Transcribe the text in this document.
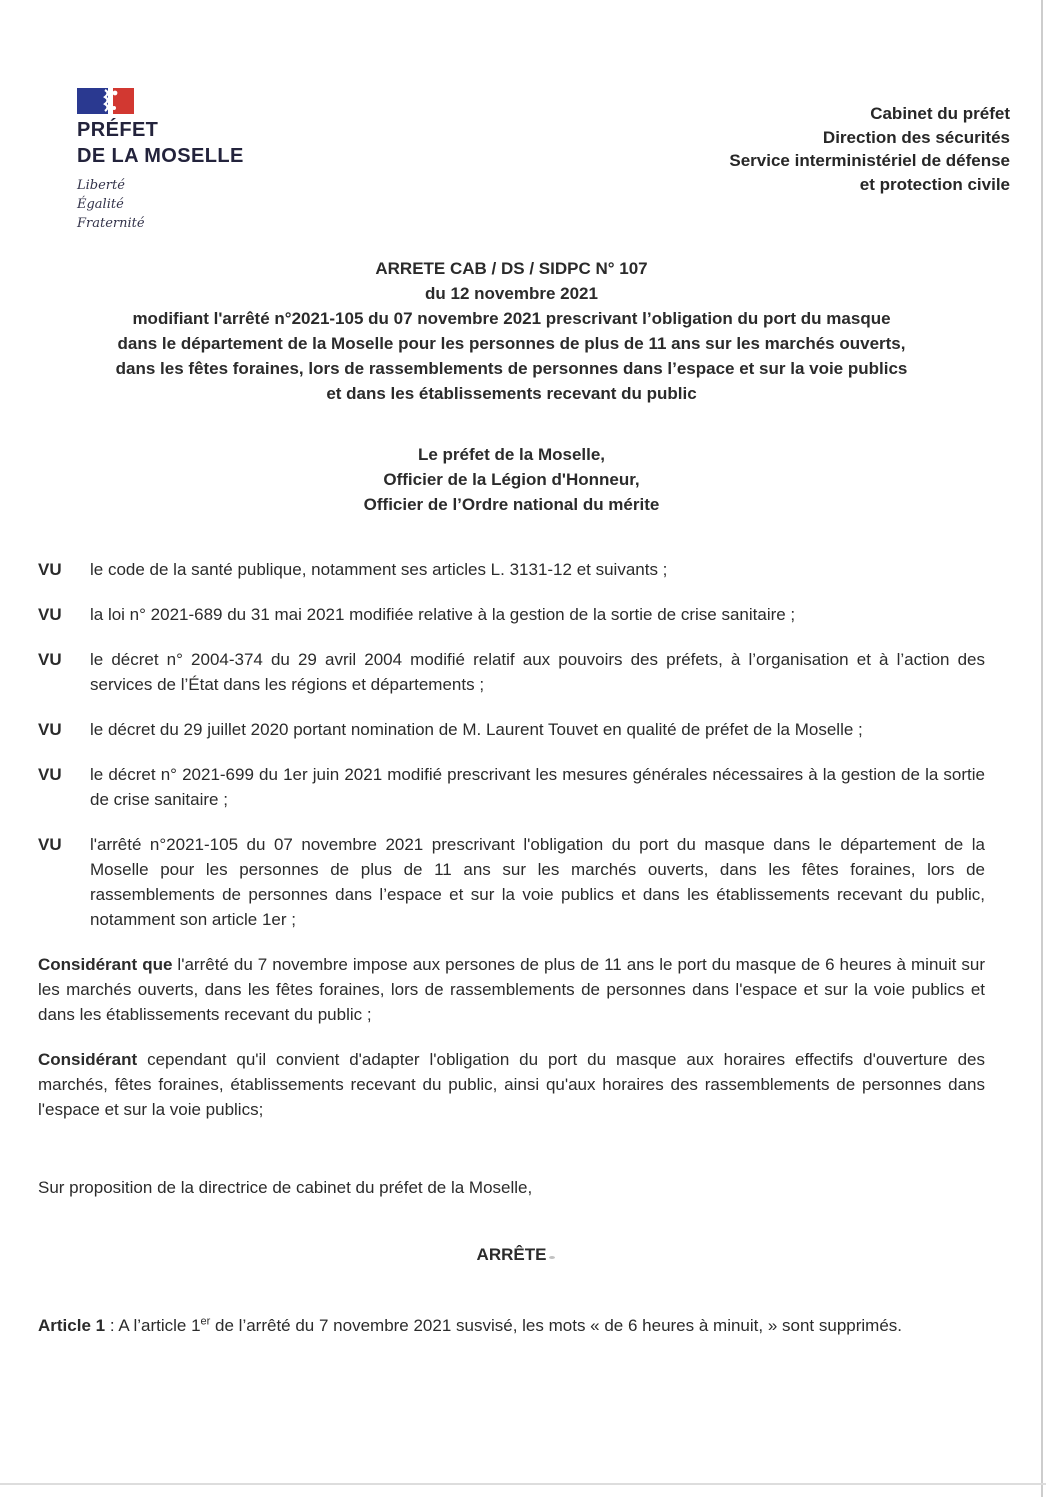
PRÉFET
DE LA MOSELLE
Liberté
Égalité
Fraternité
Cabinet du préfet
Direction des sécurités
Service interministériel de défense
et protection civile
ARRETE CAB / DS / SIDPC N° 107
du 12 novembre 2021
modifiant l'arrêté n°2021-105 du 07 novembre 2021 prescrivant l’obligation du port du masque
dans le département de la Moselle pour les personnes de plus de 11 ans sur les marchés ouverts,
dans les fêtes foraines, lors de rassemblements de personnes dans l’espace et sur la voie publics
et dans les établissements recevant du public
Le préfet de la Moselle,
Officier de la Légion d'Honneur,
Officier de l’Ordre national du mérite
VU	le code de la santé publique, notamment ses articles L. 3131-12 et suivants ;
VU	la loi n° 2021-689 du 31 mai 2021 modifiée relative à la gestion de la sortie de crise sanitaire ;
VU	le décret n° 2004-374 du 29 avril 2004 modifié relatif aux pouvoirs des préfets, à l’organisation et à l’action des services de l’État dans les régions et départements ;
VU	le décret du 29 juillet 2020 portant nomination de M. Laurent Touvet en qualité de préfet de la Moselle ;
VU	le décret n° 2021-699 du 1er juin 2021 modifié prescrivant les mesures générales nécessaires à la gestion de la sortie de crise sanitaire ;
VU	l'arrêté n°2021-105 du 07 novembre 2021 prescrivant l'obligation du port du masque dans le département de la Moselle pour les personnes de plus de 11 ans sur les marchés ouverts, dans les fêtes foraines, lors de rassemblements de personnes dans l’espace et sur la voie publics et dans les établissements recevant du public, notamment son article 1er ;

Considérant que l'arrêté du 7 novembre impose aux persones de plus de 11 ans le port du masque de 6 heures à minuit sur les marchés ouverts, dans les fêtes foraines, lors de rassemblements de personnes dans l'espace et sur la voie publics et dans les établissements recevant du public ;

Considérant cependant qu'il convient d'adapter l'obligation du port du masque aux horaires effectifs d'ouverture des marchés, fêtes foraines, établissements recevant du public, ainsi qu'aux horaires des rassemblements de personnes dans l'espace et sur la voie publics;

Sur proposition de la directrice de cabinet du préfet de la Moselle,

ARRÊTE

Article 1 : A l’article 1er de l’arrêté du 7 novembre 2021 susvisé, les mots « de 6 heures à minuit, » sont supprimés.
